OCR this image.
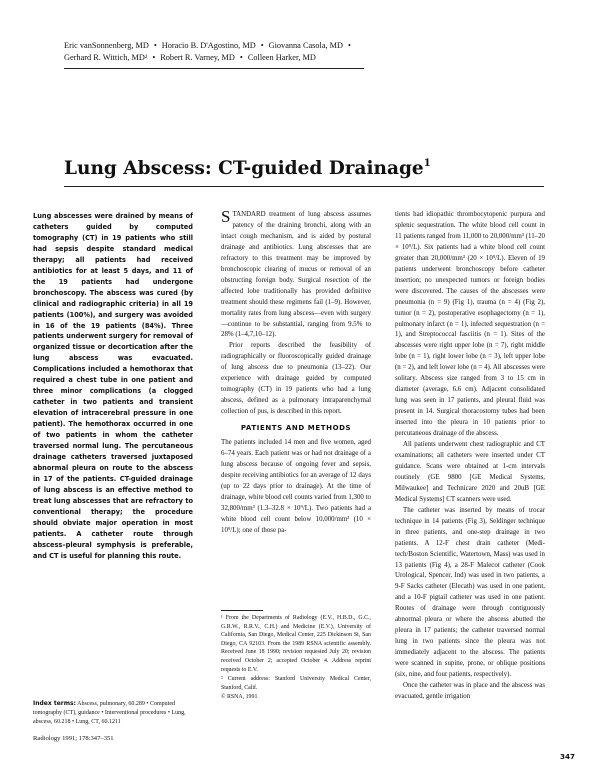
Eric vanSonnenberg, MD • Horacio B. D'Agostino, MD • Giovanna Casola, MD •
Gerhard R. Wittich, MD² • Robert R. Varney, MD • Colleen Harker, MD
Lung Abscess: CT-guided Drainage$^1$

Lung abscesses were drained by means of catheters guided by computed tomography (CT) in 19 patients who still had sepsis despite standard medical therapy; all patients had received antibiotics for at least 5 days, and 11 of the 19 patients had undergone bronchoscopy. The abscess was cured (by clinical and radiographic criteria) in all 19 patients (100%), and surgery was avoided in 16 of the 19 patients (84%). Three patients underwent surgery for removal of organized tissue or decortication after the lung abscess was evacuated. Complications included a hemothorax that required a chest tube in one patient and three minor complications (a clogged catheter in two patients and transient elevation of intracerebral pressure in one patient). The hemothorax occurred in one of two patients in whom the catheter traversed normal lung. The percutaneous drainage catheters traversed juxtaposed abnormal pleura on route to the abscess in 17 of the patients. CT-guided drainage of lung abscess is an effective method to treat lung abscesses that are refractory to conventional therapy; the procedure should obviate major operation in most patients. A catheter route through abscess–pleural symphysis is preferable, and CT is useful for planning this route.

STANDARD treatment of lung abscess assumes patency of the draining bronchi, along with an intact cough mechanism, and is aided by postural drainage and antibiotics. Lung abscesses that are refractory to this treatment may be improved by bronchoscopic clearing of mucus or removal of an obstructing foreign body. Surgical resection of the affected lobe traditionally has provided definitive treatment should these regimens fail (1–9). However, mortality rates from lung abscess—even with surgery—continue to be substantial, ranging from 9.5% to 28% (1–4,7,10–12).

Prior reports described the feasibility of radiographically or fluoroscopically guided drainage of lung abscess due to pneumonia (13–22). Our experience with drainage guided by computed tomography (CT) in 19 patients who had a lung abscess, defined as a pulmonary intraparenchymal collection of pus, is described in this report.

PATIENTS AND METHODS

The patients included 14 men and five women, aged 6–74 years. Each patient was or had not drainage of a lung abscess because of ongoing fever and sepsis, despite receiving antibiotics for an average of 12 days (up to 22 days prior to drainage). At the time of drainage, white blood cell counts varied from 1,300 to 32,800/mm³ (1.3–32.8 × 10⁹/L). Two patients had a white blood cell count below 10,000/mm³ (10 × 10⁹/L); one of those pa-

tients had idiopathic thrombocytopenic purpura and splenic sequestration. The white blood cell count in 11 patients ranged from 11,000 to 20,000/mm³ (11–20 × 10⁹/L). Six patients had a white blood cell count greater than 20,000/mm³ (20 × 10⁹/L). Eleven of 19 patients underwent bronchoscopy before catheter insertion; no unexpected tumors or foreign bodies were discovered. The causes of the abscesses were pneumonia (n = 9) (Fig 1), trauma (n = 4) (Fig 2), tumor (n = 2), postoperative esophagectomy (n = 1), pulmonary infarct (n = 1), infected sequestration (n = 1), and Streptococcal fasciitis (n = 1). Sites of the abscesses were right upper lobe (n = 7), right middle lobe (n = 1), right lower lobe (n = 3), left upper lobe (n = 2), and left lower lobe (n = 4). All abscesses were solitary. Abscess size ranged from 3 to 15 cm in diameter (average, 6.6 cm). Adjacent consolidated lung was seen in 17 patients, and pleural fluid was present in 14. Surgical thoracostomy tubes had been inserted into the pleura in 10 patients prior to percutaneous drainage of the abscess.

All patients underwent chest radiographic and CT examinations; all catheters were inserted under CT guidance. Scans were obtained at 1-cm intervals routinely (GE 9800 [GE Medical Systems, Milwaukee] and Technicare 2020 and 20uB [GE Medical Systems] CT scanners were used.

The catheter was inserted by means of trocar technique in 14 patients (Fig 3), Seldinger technique in three patients, and one-step drainage in two patients. A 12-F chest drain catheter (Medi-tech/Boston Scientific, Watertown, Mass) was used in 13 patients (Fig 4), a 28-F Malecot catheter (Cook Urological, Spencer, Ind) was used in two patients, a 9-F Sacks catheter (Elecath) was used in one patient, and a 10-F pigtail catheter was used in one patient. Routes of drainage were through contiguously abnormal pleura or where the abscess abutted the pleura in 17 patients; the catheter traversed normal lung in two patients since the pleura was not immediately adjacent to the abscess. The patients were scanned in supine, prone, or oblique positions (six, nine, and four patients, respectively).

Once the catheter was in place and the abscess was evacuated, gentle irrigation

¹ From the Departments of Radiology (E.V., H.B.D., G.C., G.R.W., R.R.V., C.H.) and Medicine (E.V.), University of California, San Diego, Medical Center, 225 Dickinson St, San Diego, CA 92103. From the 1989 RSNA scientific assembly. Received June 18 1990; revision requested July 20; revision received October 2; accepted October 4. Address reprint requests to E.V.

² Current address: Stanford University Medical Center, Stanford, Calif.

© RSNA, 1991

Index terms: Abscess, pulmonary, 60.289 • Computed tomography (CT), guidance • Interventional procedures • Lung, abscess, 60.218 • Lung, CT, 60.1211
Radiology 1991; 178:347–351
347
